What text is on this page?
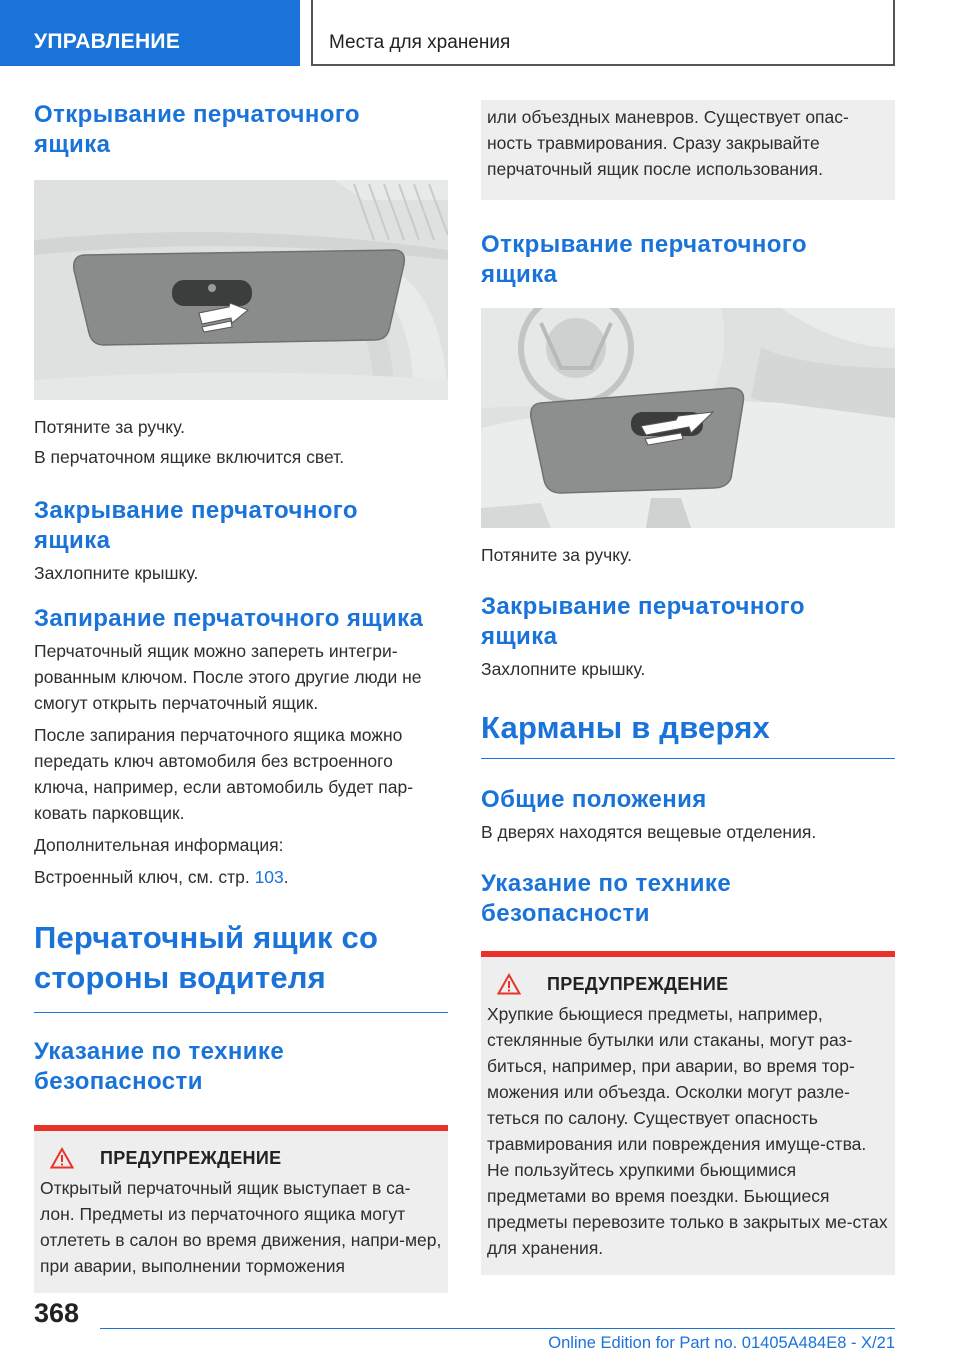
УПРАВЛЕНИЕ	Места для хранения
Открывание перчаточного ящика

Потяните за ручку.

В перчаточном ящике включится свет.

Закрывание перчаточного ящика

Захлопните крышку.

Запирание перчаточного ящика

Перчаточный ящик можно запереть интегри-рованным ключом. После этого другие люди не смогут открыть перчаточный ящик.

После запирания перчаточного ящика можно передать ключ автомобиля без встроенного ключа, например, если автомобиль будет пар-ковать парковщик.

Дополнительная информация:

Встроенный ключ, см. стр. 103.

Перчаточный ящик со стороны водителя
Указание по технике безопасности
ПРЕДУПРЕЖДЕНИЕ

Открытый перчаточный ящик выступает в са-лон. Предметы из перчаточного ящика могут отлететь в салон во время движения, напри-мер, при аварии, выполнении торможения

или объездных маневров. Существует опас-ность травмирования. Сразу закрывайте перчаточный ящик после использования.

Открывание перчаточного ящика

Потяните за ручку.

Закрывание перчаточного ящика

Захлопните крышку.

Карманы в дверях
Общие положения

В дверях находятся вещевые отделения.

Указание по технике безопасности
ПРЕДУПРЕЖДЕНИЕ

Хрупкие бьющиеся предметы, например, стеклянные бутылки или стаканы, могут раз-биться, например, при аварии, во время тор-можения или объезда. Осколки могут разле-теться по салону. Существует опасность травмирования или повреждения имуще-ства. Не пользуйтесь хрупкими бьющимися предметами во время поездки. Бьющиеся предметы перевозите только в закрытых ме-стах для хранения.

368
Online Edition for Part no. 01405A484E8 - X/21
